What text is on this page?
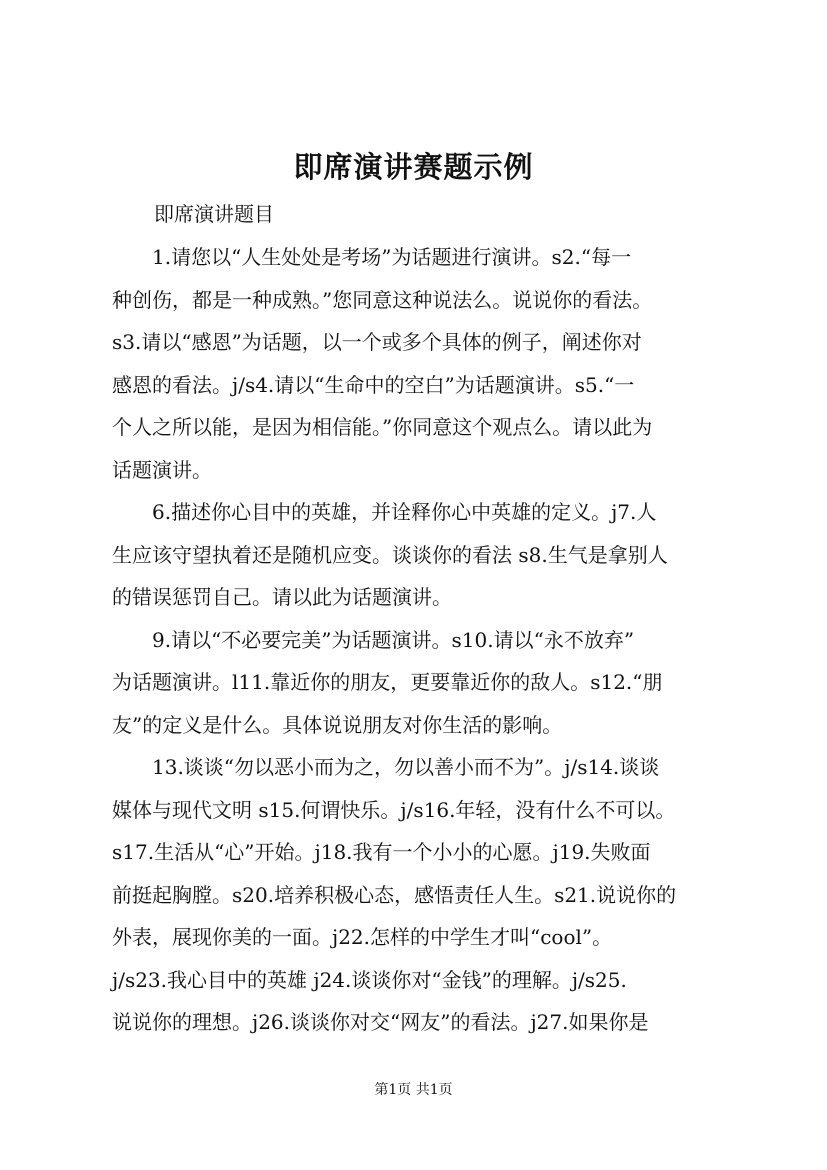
即席演讲赛题示例
即席演讲题目
1.请您以“人生处处是考场”为话题进行演讲。s2.“每一
种创伤，都是一种成熟。”您同意这种说法么。说说你的看法。
s3.请以“感恩”为话题，以一个或多个具体的例子，阐述你对
感恩的看法。j/s4.请以“生命中的空白”为话题演讲。s5.“一
个人之所以能，是因为相信能。”你同意这个观点么。请以此为
话题演讲。
6.描述你心目中的英雄，并诠释你心中英雄的定义。j7.人
生应该守望执着还是随机应变。谈谈你的看法 s8.生气是拿别人
的错误惩罚自己。请以此为话题演讲。
9.请以“不必要完美”为话题演讲。s10.请以“永不放弃”
为话题演讲。l11.靠近你的朋友，更要靠近你的敌人。s12.“朋
友”的定义是什么。具体说说朋友对你生活的影响。
13.谈谈“勿以恶小而为之，勿以善小而不为”。j/s14.谈谈
媒体与现代文明 s15.何谓快乐。j/s16.年轻，没有什么不可以。
s17.生活从“心”开始。j18.我有一个小小的心愿。j19.失败面
前挺起胸膛。s20.培养积极心态，感悟责任人生。s21.说说你的
外表，展现你美的一面。j22.怎样的中学生才叫“cool”。
j/s23.我心目中的英雄 j24.谈谈你对“金钱”的理解。j/s25.
说说你的理想。j26.谈谈你对交“网友”的看法。j27.如果你是
第1页 共1页
